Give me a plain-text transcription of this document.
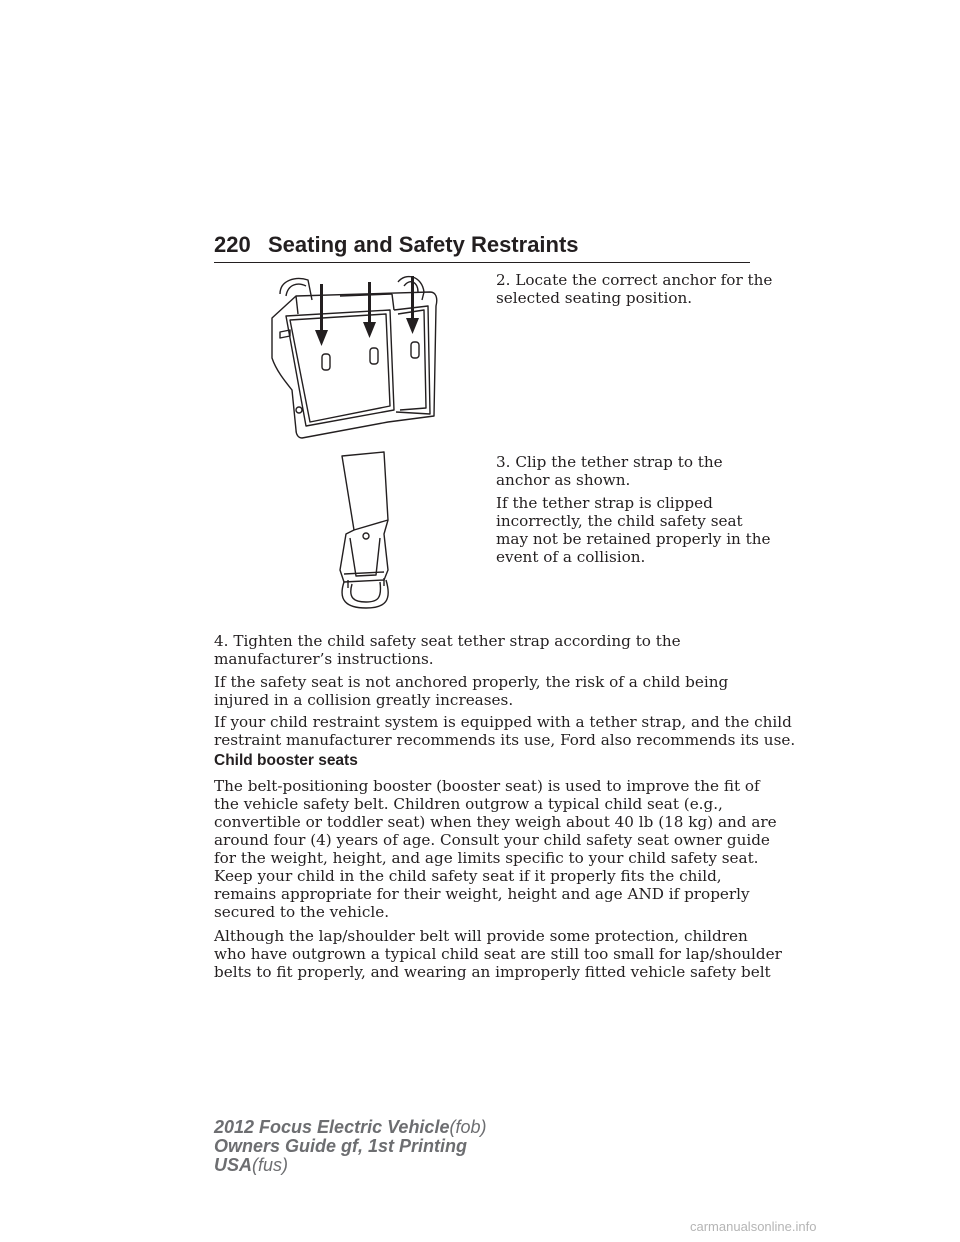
220 Seating and Safety Restraints

2. Locate the correct anchor for the
selected seating position.

3. Clip the tether strap to the
anchor as shown.

If the tether strap is clipped
incorrectly, the child safety seat
may not be retained properly in the
event of a collision.

4. Tighten the child safety seat tether strap according to the
manufacturer’s instructions.

If the safety seat is not anchored properly, the risk of a child being
injured in a collision greatly increases.

If your child restraint system is equipped with a tether strap, and the child
restraint manufacturer recommends its use, Ford also recommends its use.

Child booster seats

The belt-positioning booster (booster seat) is used to improve the fit of
the vehicle safety belt. Children outgrow a typical child seat (e.g.,
convertible or toddler seat) when they weigh about 40 lb (18 kg) and are
around four (4) years of age. Consult your child safety seat owner guide
for the weight, height, and age limits specific to your child safety seat.
Keep your child in the child safety seat if it properly fits the child,
remains appropriate for their weight, height and age AND if properly
secured to the vehicle.

Although the lap/shoulder belt will provide some protection, children
who have outgrown a typical child seat are still too small for lap/shoulder
belts to fit properly, and wearing an improperly fitted vehicle safety belt

2012 Focus Electric Vehicle(fob)
Owners Guide gf, 1st Printing
USA(fus)
carmanualsonline.info
